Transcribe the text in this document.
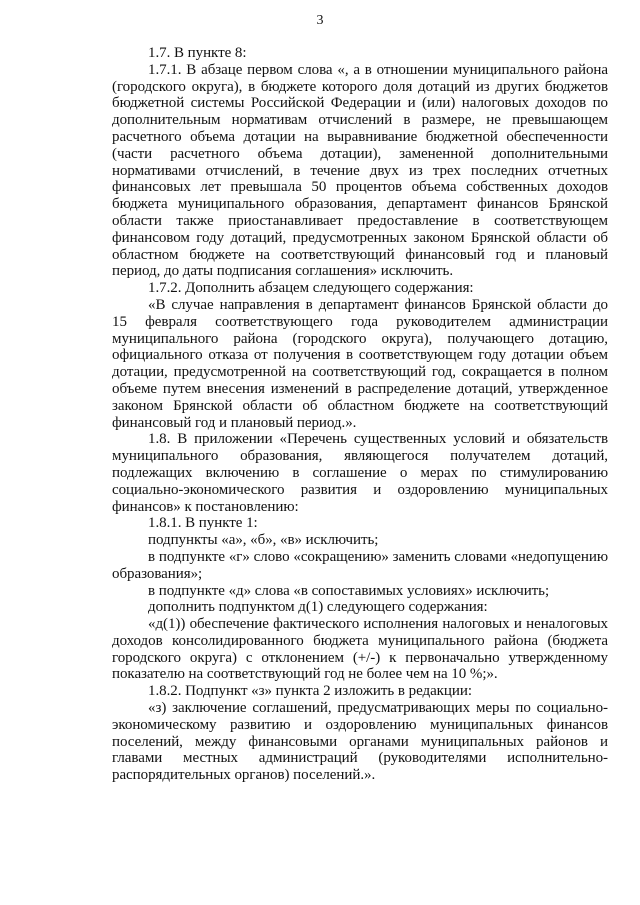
3

1.7. В пункте 8:

1.7.1. В абзаце первом слова «, а в отношении муниципального района (городского округа), в бюджете которого доля дотаций из других бюджетов бюджетной системы Российской Федерации и (или) налоговых доходов по дополнительным нормативам отчислений в размере, не превышающем расчетного объема дотации на выравнивание бюджетной обеспеченности (части расчетного объема дотации), замененной дополнительными нормативами отчислений, в течение двух из трех последних отчетных финансовых лет превышала 50 процентов объема собственных доходов бюджета муниципального образования, департамент финансов Брянской области также приостанавливает предоставление в соответствующем финансовом году дотаций, предусмотренных законом Брянской области об областном бюджете на соответствующий финансовый год и плановый период, до даты подписания соглашения» исключить.

1.7.2. Дополнить абзацем следующего содержания:

«В случае направления в департамент финансов Брянской области до 15 февраля соответствующего года руководителем администрации муниципального района (городского округа), получающего дотацию, официального отказа от получения в соответствующем году дотации объем дотации, предусмотренной на соответствующий год, сокращается в полном объеме путем внесения изменений в распределение дотаций, утвержденное законом Брянской области об областном бюджете на соответствующий финансовый год и плановый период.».

1.8. В приложении «Перечень существенных условий и обязательств муниципального образования, являющегося получателем дотаций, подлежащих включению в соглашение о мерах по стимулированию социально-экономического развития и оздоровлению муниципальных финансов» к постановлению:

1.8.1. В пункте 1:

подпункты «а», «б», «в» исключить;

в подпункте «г» слово «сокращению» заменить словами «недопущению образования»;

в подпункте «д» слова «в сопоставимых условиях» исключить;

дополнить подпунктом д(1) следующего содержания:

«д(1)) обеспечение фактического исполнения налоговых и неналоговых доходов консолидированного бюджета муниципального района (бюджета городского округа) с отклонением (+/-) к первоначально утвержденному показателю на соответствующий год не более чем на 10 %;».

1.8.2. Подпункт «з» пункта 2 изложить в редакции:

«з) заключение соглашений, предусматривающих меры по социально-экономическому развитию и оздоровлению муниципальных финансов поселений, между финансовыми органами муниципальных районов и главами местных администраций (руководителями исполнительно-распорядительных органов) поселений.».
